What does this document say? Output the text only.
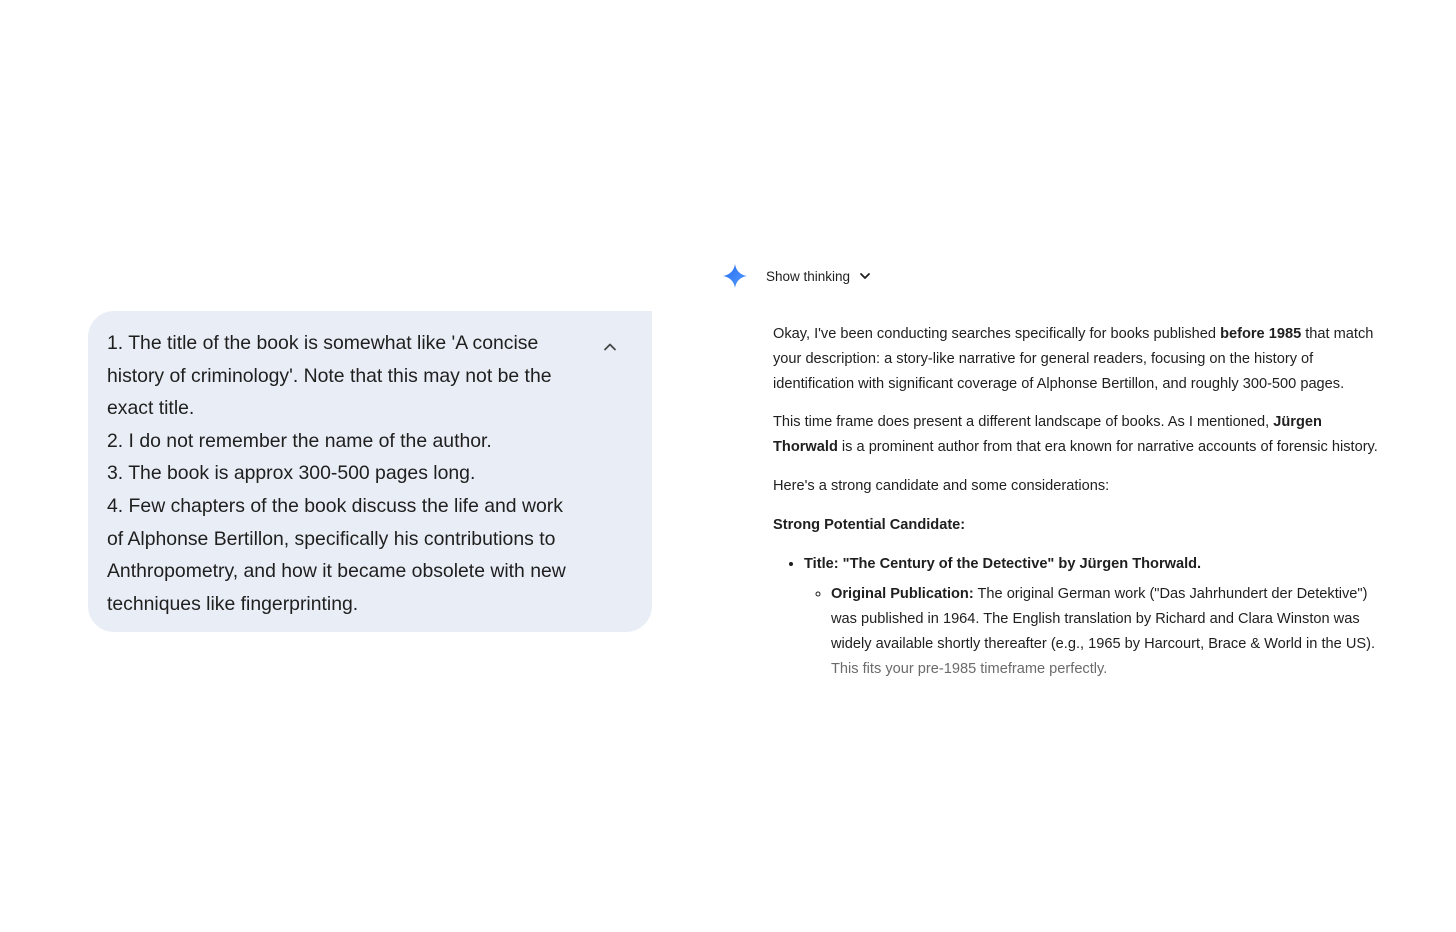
1. The title of the book is somewhat like 'A concise history of criminology'. Note that this may not be the exact title.

2. I do not remember the name of the author.

3. The book is approx 300-500 pages long.

4. Few chapters of the book discuss the life and work of Alphonse Bertillon, specifically his contributions to Anthropometry, and how it became obsolete with new techniques like fingerprinting.

Show thinking

Okay, I've been conducting searches specifically for books published before 1985 that match your description: a story-like narrative for general readers, focusing on the history of identification with significant coverage of Alphonse Bertillon, and roughly 300-500 pages.

This time frame does present a different landscape of books. As I mentioned, Jürgen Thorwald is a prominent author from that era known for narrative accounts of forensic history.

Here's a strong candidate and some considerations:

Strong Potential Candidate:

• Title: "The Century of the Detective" by Jürgen Thorwald.
◦ Original Publication: The original German work ("Das Jahrhundert der Detektive") was published in 1964. The English translation by Richard and Clara Winston was widely available shortly thereafter (e.g., 1965 by Harcourt, Brace & World in the US). This fits your pre-1985 timeframe perfectly.
